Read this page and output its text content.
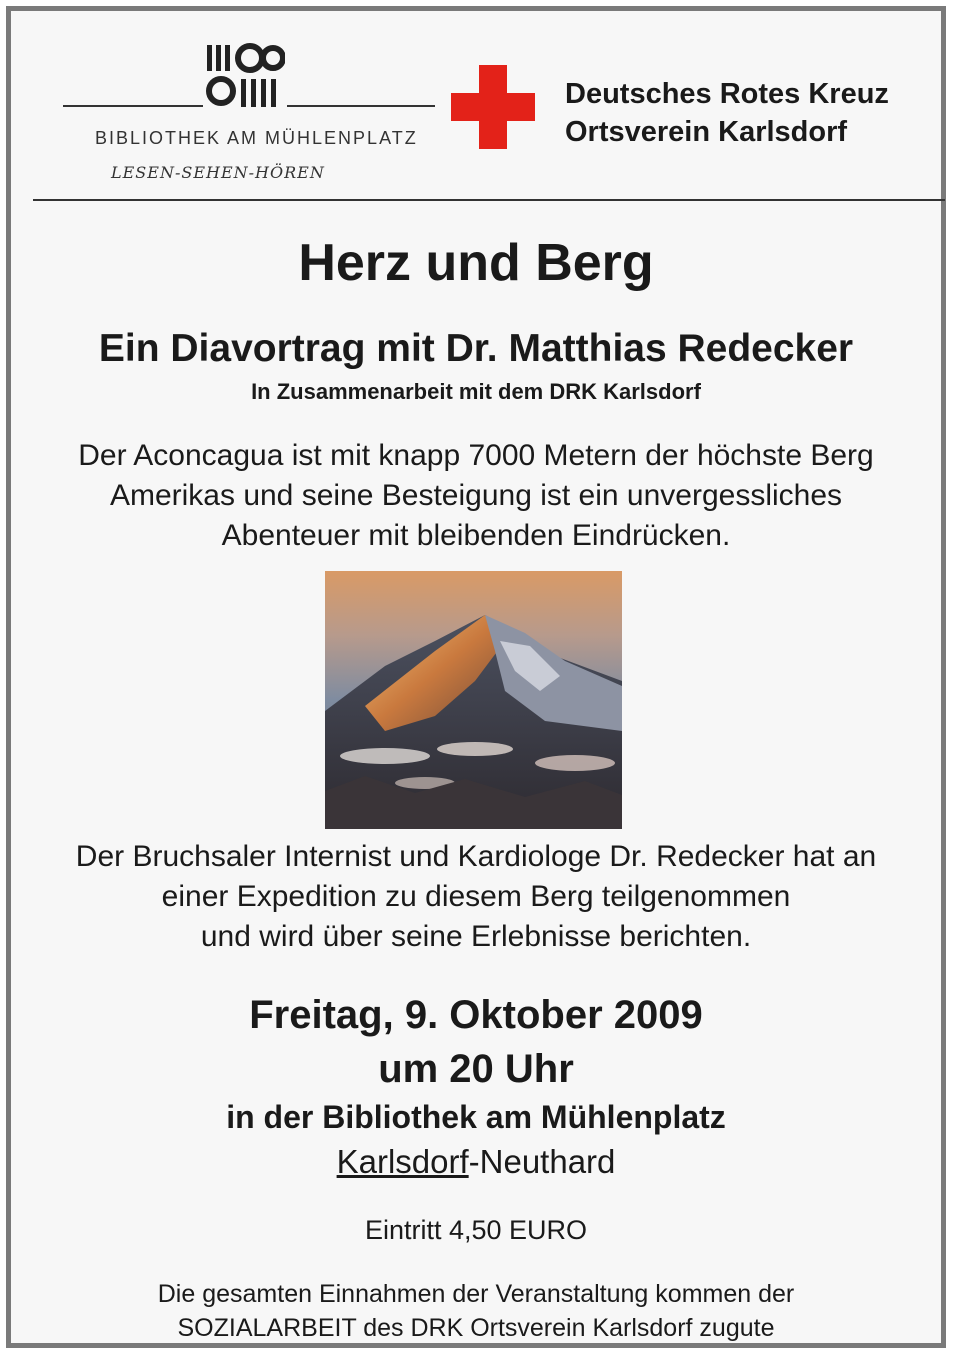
BIBLIOTHEK AM MÜHLENPLATZ
LESEN-SEHEN-HÖREN
Deutsches Rotes Kreuz
Ortsverein Karlsdorf
Herz und Berg
Ein Diavortrag mit Dr. Matthias Redecker
In Zusammenarbeit mit dem DRK Karlsdorf
Der Aconcagua ist mit knapp 7000 Metern der höchste Berg
Amerikas und seine Besteigung ist ein unvergessliches
Abenteuer mit bleibenden Eindrücken.
Der Bruchsaler Internist und Kardiologe Dr. Redecker hat an
einer Expedition zu diesem Berg teilgenommen
und wird über seine Erlebnisse berichten.
Freitag, 9. Oktober 2009
um 20 Uhr
in der Bibliothek am Mühlenplatz
Karlsdorf-Neuthard
Eintritt 4,50 EURO
Die gesamten Einnahmen der Veranstaltung kommen der
SOZIALARBEIT des DRK Ortsverein Karlsdorf zugute
